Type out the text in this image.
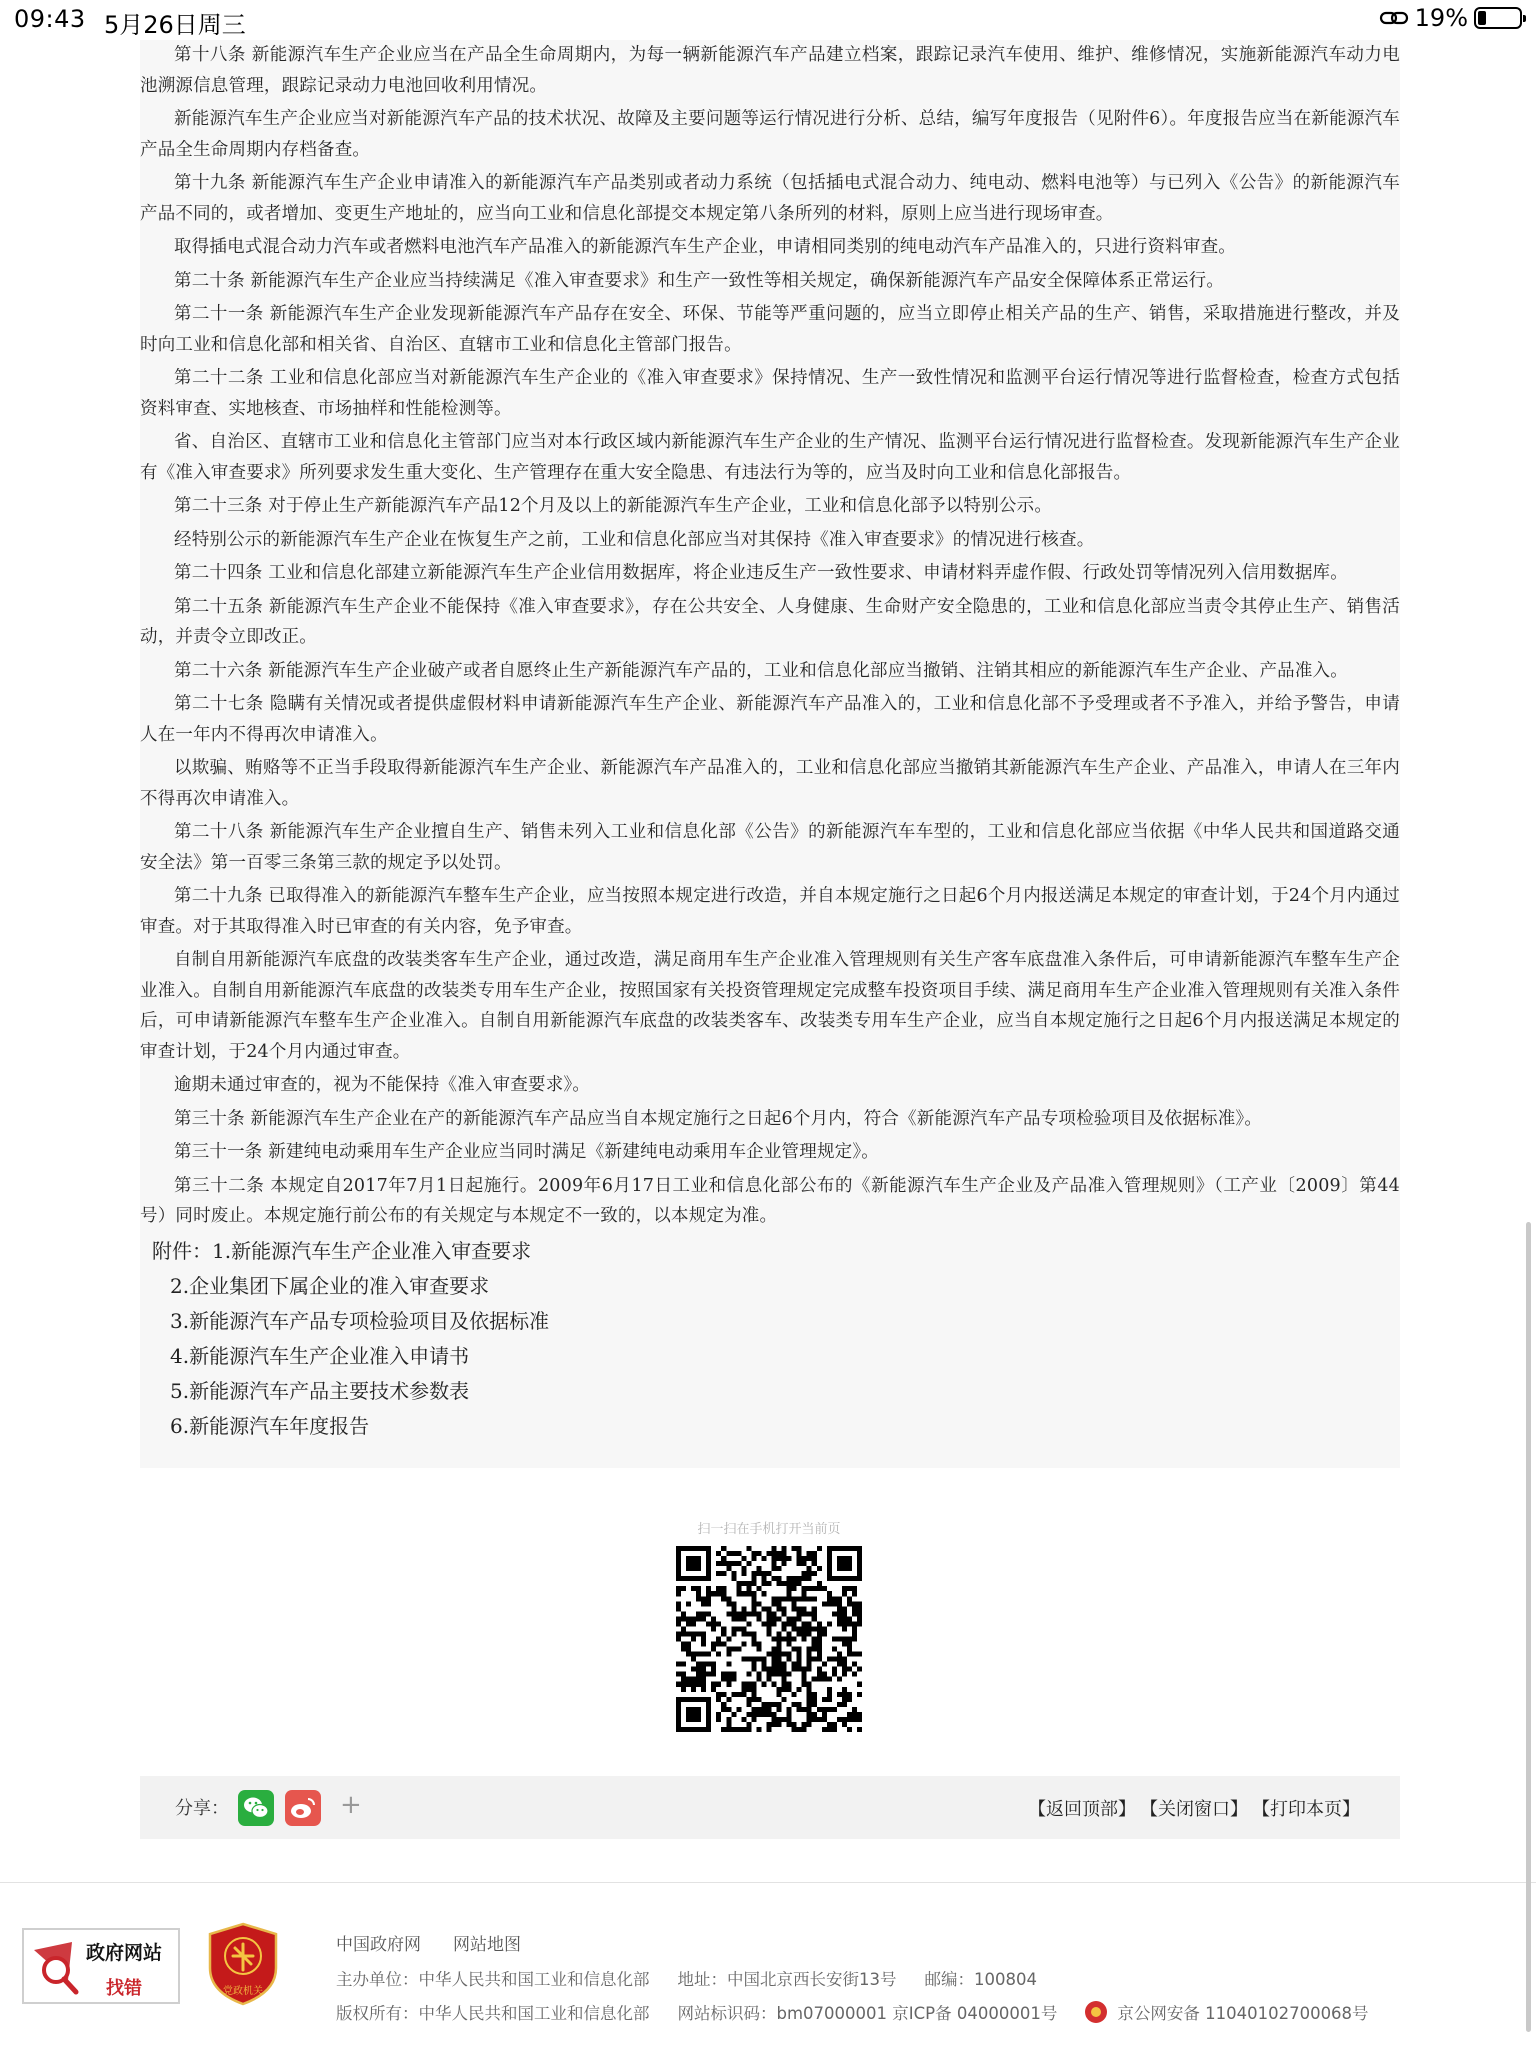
09:43 5月26日周三	19%

第十八条 新能源汽车生产企业应当在产品全生命周期内，为每一辆新能源汽车产品建立档案，跟踪记录汽车使用、维护、维修情况，实施新能源汽车动力电池溯源信息管理，跟踪记录动力电池回收利用情况。

新能源汽车生产企业应当对新能源汽车产品的技术状况、故障及主要问题等运行情况进行分析、总结，编写年度报告（见附件6）。年度报告应当在新能源汽车产品全生命周期内存档备查。

第十九条 新能源汽车生产企业申请准入的新能源汽车产品类别或者动力系统（包括插电式混合动力、纯电动、燃料电池等）与已列入《公告》的新能源汽车产品不同的，或者增加、变更生产地址的，应当向工业和信息化部提交本规定第八条所列的材料，原则上应当进行现场审查。

取得插电式混合动力汽车或者燃料电池汽车产品准入的新能源汽车生产企业，申请相同类别的纯电动汽车产品准入的，只进行资料审查。

第二十条 新能源汽车生产企业应当持续满足《准入审查要求》和生产一致性等相关规定，确保新能源汽车产品安全保障体系正常运行。

第二十一条 新能源汽车生产企业发现新能源汽车产品存在安全、环保、节能等严重问题的，应当立即停止相关产品的生产、销售，采取措施进行整改，并及时向工业和信息化部和相关省、自治区、直辖市工业和信息化主管部门报告。

第二十二条 工业和信息化部应当对新能源汽车生产企业的《准入审查要求》保持情况、生产一致性情况和监测平台运行情况等进行监督检查，检查方式包括资料审查、实地核查、市场抽样和性能检测等。

省、自治区、直辖市工业和信息化主管部门应当对本行政区域内新能源汽车生产企业的生产情况、监测平台运行情况进行监督检查。发现新能源汽车生产企业有《准入审查要求》所列要求发生重大变化、生产管理存在重大安全隐患、有违法行为等的，应当及时向工业和信息化部报告。

第二十三条 对于停止生产新能源汽车产品12个月及以上的新能源汽车生产企业，工业和信息化部予以特别公示。

经特别公示的新能源汽车生产企业在恢复生产之前，工业和信息化部应当对其保持《准入审查要求》的情况进行核查。

第二十四条 工业和信息化部建立新能源汽车生产企业信用数据库，将企业违反生产一致性要求、申请材料弄虚作假、行政处罚等情况列入信用数据库。

第二十五条 新能源汽车生产企业不能保持《准入审查要求》，存在公共安全、人身健康、生命财产安全隐患的，工业和信息化部应当责令其停止生产、销售活动，并责令立即改正。

第二十六条 新能源汽车生产企业破产或者自愿终止生产新能源汽车产品的，工业和信息化部应当撤销、注销其相应的新能源汽车生产企业、产品准入。

第二十七条 隐瞒有关情况或者提供虚假材料申请新能源汽车生产企业、新能源汽车产品准入的，工业和信息化部不予受理或者不予准入，并给予警告，申请人在一年内不得再次申请准入。

以欺骗、贿赂等不正当手段取得新能源汽车生产企业、新能源汽车产品准入的，工业和信息化部应当撤销其新能源汽车生产企业、产品准入，申请人在三年内不得再次申请准入。

第二十八条 新能源汽车生产企业擅自生产、销售未列入工业和信息化部《公告》的新能源汽车车型的，工业和信息化部应当依据《中华人民共和国道路交通安全法》第一百零三条第三款的规定予以处罚。

第二十九条 已取得准入的新能源汽车整车生产企业，应当按照本规定进行改造，并自本规定施行之日起6个月内报送满足本规定的审查计划，于24个月内通过审查。对于其取得准入时已审查的有关内容，免予审查。

自制自用新能源汽车底盘的改装类客车生产企业，通过改造，满足商用车生产企业准入管理规则有关生产客车底盘准入条件后，可申请新能源汽车整车生产企业准入。自制自用新能源汽车底盘的改装类专用车生产企业，按照国家有关投资管理规定完成整车投资项目手续、满足商用车生产企业准入管理规则有关准入条件后，可申请新能源汽车整车生产企业准入。自制自用新能源汽车底盘的改装类客车、改装类专用车生产企业，应当自本规定施行之日起6个月内报送满足本规定的审查计划，于24个月内通过审查。

逾期未通过审查的，视为不能保持《准入审查要求》。

第三十条 新能源汽车生产企业在产的新能源汽车产品应当自本规定施行之日起6个月内，符合《新能源汽车产品专项检验项目及依据标准》。

第三十一条 新建纯电动乘用车生产企业应当同时满足《新建纯电动乘用车企业管理规定》。

第三十二条 本规定自2017年7月1日起施行。2009年6月17日工业和信息化部公布的《新能源汽车生产企业及产品准入管理规则》（工产业〔2009〕第44号）同时废止。本规定施行前公布的有关规定与本规定不一致的，以本规定为准。

附件：1.新能源汽车生产企业准入审查要求
2.企业集团下属企业的准入审查要求
3.新能源汽车产品专项检验项目及依据标准
4.新能源汽车生产企业准入申请书
5.新能源汽车产品主要技术参数表
6.新能源汽车年度报告
扫一扫在手机打开当前页
分享：	+	【返回顶部】 【关闭窗口】 【打印本页】
政府网站
找错	党政机关
中国政府网 网站地图
主办单位：中华人民共和国工业和信息化部 地址：中国北京西长安街13号 邮编：100804
版权所有：中华人民共和国工业和信息化部 网站标识码：bm07000001 京ICP备 04000001号	京公网安备 11040102700068号
